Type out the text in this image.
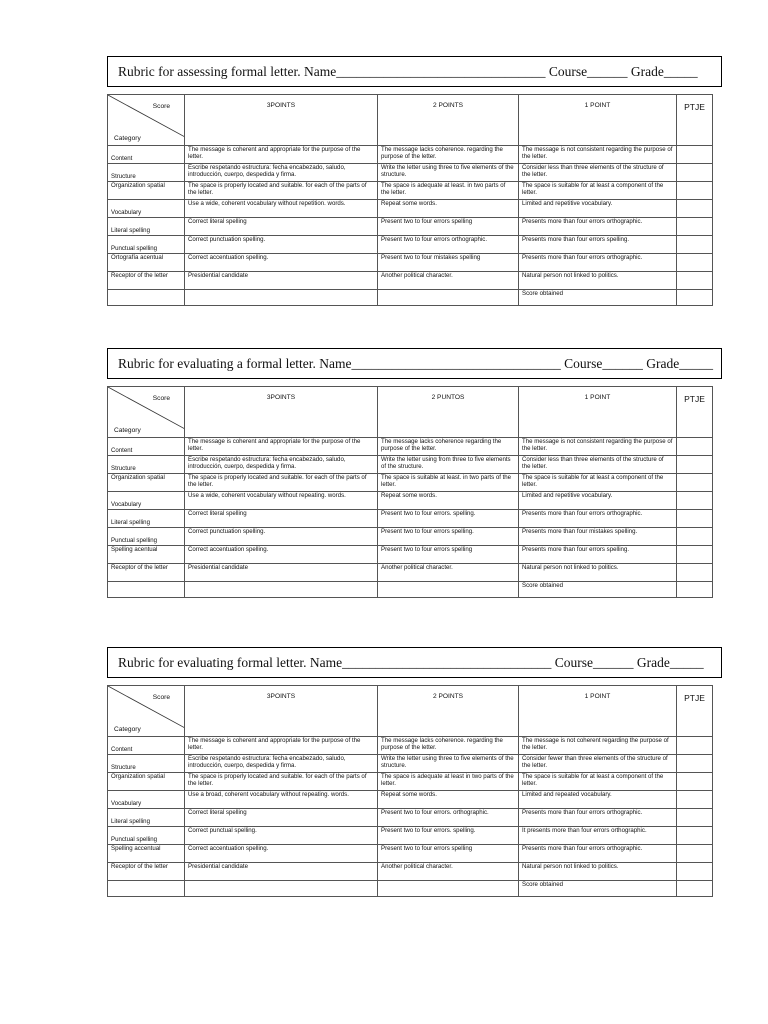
Rubric for assessing formal letter. Name_______________________________ Course______ Grade_____
Score
Category	3POINTS	2 POINTS	1 POINT	PTJE
Content	The message is coherent and appropriate for the purpose of the letter.	The message lacks coherence. regarding the purpose of the letter.	The message is not consistent regarding the purpose of the letter.	
Structure	Escribe respetando estructura: fecha encabezado, saludo, introducción, cuerpo, despedida y firma.	Write the letter using three to five elements of the structure.	Consider less than three elements of the structure of the letter.	
Organization spatial	The space is properly located and suitable. for each of the parts of the letter.	The space is adequate at least. in two parts of the letter.	The space is suitable for at least a component of the letter.	
Vocabulary	Use a wide, coherent vocabulary without repetition. words.	Repeat some words.	Limited and repetitive vocabulary.	
Literal spelling	Correct literal spelling	Present two to four errors spelling	Presents more than four errors orthographic.	
Punctual spelling	Correct punctuation spelling.	Present two to four errors orthographic.	Presents more than four errors spelling.	
Ortografía acentual	Correct accentuation spelling.	Present two to four mistakes spelling	Presents more than four errors orthographic.	
Receptor of the letter	Presidential candidate	Another political character.	Natural person not linked to politics.	
			Score obtained	
Rubric for evaluating a formal letter. Name_______________________________ Course______ Grade_____
Score
Category	3POINTS	2 PUNTOS	1 POINT	PTJE
Content	The message is coherent and appropriate for the purpose of the letter.	The message lacks coherence regarding the purpose of the letter.	The message is not consistent regarding the purpose of the letter.	
Structure	Escribe respetando estructura: fecha encabezado, saludo, introducción, cuerpo, despedida y firma.	Write the letter using from three to five elements of the structure.	Consider less than three elements of the structure of the letter.	
Organization spatial	The space is properly located and suitable. for each of the parts of the letter.	The space is suitable at least. in two parts of the letter.	The space is suitable for at least a component of the letter.	
Vocabulary	Use a wide, coherent vocabulary without repeating. words.	Repeat some words.	Limited and repetitive vocabulary.	
Literal spelling	Correct literal spelling	Present two to four errors. spelling.	Presents more than four errors orthographic.	
Punctual spelling	Correct punctuation spelling.	Present two to four errors spelling.	Presents more than four mistakes spelling.	
Spelling acentual	Correct accentuation spelling.	Present two to four errors spelling	Presents more than four errors spelling.	
Receptor of the letter	Presidential candidate	Another political character.	Natural person not linked to politics.	
			Score obtained	
Rubric for evaluating formal letter. Name_______________________________ Course______ Grade_____
Score
Category	3POINTS	2 POINTS	1 POINT	PTJE
Content	The message is coherent and appropriate for the purpose of the letter.	The message lacks coherence. regarding the purpose of the letter.	The message is not coherent regarding the purpose of the letter.	
Structure	Escribe respetando estructura: fecha encabezado, saludo, introducción, cuerpo, despedida y firma.	Write the letter using three to five elements of the structure.	Consider fewer than three elements of the structure of the letter.	
Organization spatial	The space is properly located and suitable. for each of the parts of the letter.	The space is adequate at least in two parts of the letter.	The space is suitable for at least a component of the letter.	
Vocabulary	Use a broad, coherent vocabulary without repeating. words.	Repeat some words.	Limited and repeated vocabulary.	
Literal spelling	Correct literal spelling	Present two to four errors. orthographic.	Presents more than four errors orthographic.	
Punctual spelling	Correct punctual spelling.	Present two to four errors. spelling.	It presents more than four errors orthographic.	
Spelling accentual	Correct accentuation spelling.	Present two to four errors spelling	Presents more than four errors orthographic.	
Receptor of the letter	Presidential candidate	Another political character.	Natural person not linked to politics.	
			Score obtained	
